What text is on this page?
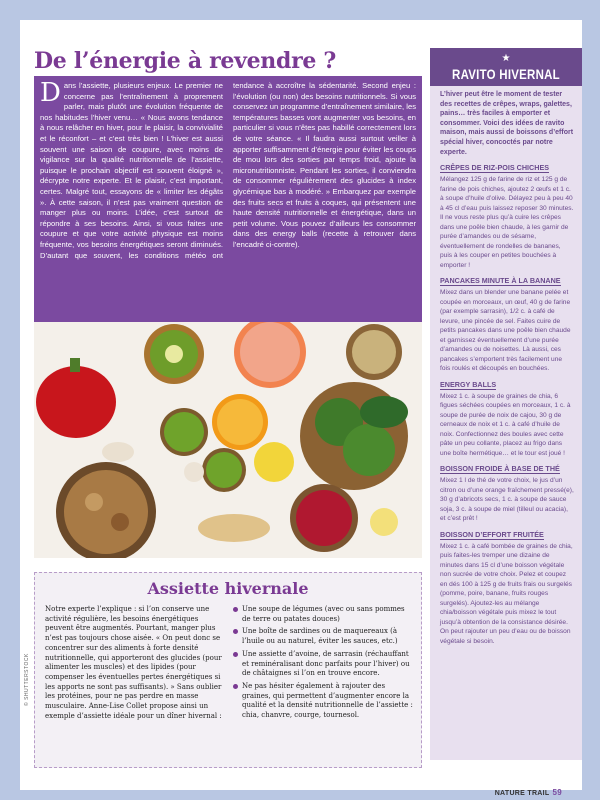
De l’énergie à revendre ?

Dans l’assiette, plusieurs enjeux. Le premier ne concerne pas l’entraînement à proprement parler, mais plutôt une évolution fréquente de nos habitudes l’hiver venu… « Nous avons tendance à nous relâcher en hiver, pour le plaisir, la convivialité et le réconfort – et c’est très bien ! L’hiver est aussi souvent une saison de coupure, avec moins de vigilance sur la qualité nutritionnelle de l’assiette, puisque le prochain objectif est souvent éloigné », décrypte notre experte. Et le plaisir, c’est important, certes. Malgré tout, essayons de « limiter les dégâts ». À cette saison, il n’est pas vraiment question de manger plus ou moins. L’idée, c’est surtout de répondre à ses besoins. Ainsi, si vous faites une coupure et que votre activité physique est moins fréquente, vos besoins énergétiques seront diminués. D’autant que souvent, les conditions météo ont tendance à accroître la sédentarité. Second enjeu : l’évolution (ou non) des besoins nutritionnels. Si vous conservez un programme d’entraînement similaire, les températures basses vont augmenter vos besoins, en particulier si vous n’êtes pas habillé correctement lors de votre séance. « Il faudra aussi surtout veiller à apporter suffisamment d’énergie pour éviter les coups de mou lors des sorties par temps froid, ajoute la micronutritionniste. Pendant les sorties, il conviendra de consommer régulièrement des glucides à index glycémique bas à modéré. » Embarquez par exemple des fruits secs et fruits à coques, qui présentent une haute densité nutritionnelle et énergétique, dans un petit volume. Vous pouvez d’ailleurs les consommer dans des energy balls (recette à retrouver dans l’encadré ci-contre).

Assiette hivernale

Notre experte l’explique : si l’on conserve une activité régulière, les besoins énergétiques peuvent être augmentés. Pourtant, manger plus n’est pas toujours chose aisée. « On peut donc se concentrer sur des aliments à forte densité nutritionnelle, qui apporteront des glucides (pour alimenter les muscles) et des lipides (pour compenser les éventuelles pertes énergétiques si les apports ne sont pas suffisants). » Sans oublier les protéines, pour ne pas perdre en masse musculaire. Anne-Lise Collet propose ainsi un exemple d’assiette idéale pour un dîner hivernal :

Une soupe de légumes (avec ou sans pommes de terre ou patates douces)
Une boîte de sardines ou de maquereaux (à l’huile ou au naturel, éviter les sauces, etc.)
Une assiette d’avoine, de sarrasin (réchauffant et reminéralisant donc parfaits pour l’hiver) ou de châtaignes si l’on en trouve encore.
Ne pas hésiter également à rajouter des graines, qui permettent d’augmenter encore la qualité et la densité nutritionnelle de l’assiette : chia, chanvre, courge, tournesol.
★
RAVITO HIVERNAL

L’hiver peut être le moment de tester des recettes de crêpes, wraps, galettes, pains… très faciles à emporter et consommer. Voici des idées de ravito maison, mais aussi de boissons d’effort spécial hiver, concoctés par notre experte.

CRÊPES DE RIZ-POIS CHICHES

Mélangez 125 g de farine de riz et 125 g de farine de pois chiches, ajoutez 2 œufs et 1 c. à soupe d’huile d’olive. Délayez peu à peu 40 à 45 cl d’eau puis laissez reposer 30 minutes. Il ne vous reste plus qu’à cuire les crêpes dans une poêle bien chaude, à les garnir de purée d’amandes ou de sésame, éventuellement de rondelles de bananes, puis à les couper en petites bouchées à emporter !

PANCAKES MINUTE À LA BANANE

Mixez dans un blender une banane pelée et coupée en morceaux, un œuf, 40 g de farine (par exemple sarrasin), 1/2 c. à café de levure, une pincée de sel. Faites cuire de petits pancakes dans une poêle bien chaude et garnissez éventuellement d’une purée d’amandes ou de noisettes. Là aussi, ces pancakes s’emportent très facilement une fois roulés et découpés en bouchées.

ENERGY BALLS

Mixez 1 c. à soupe de graines de chia, 6 figues séchées coupées en morceaux, 1 c. à soupe de purée de noix de cajou, 30 g de cerneaux de noix et 1 c. à café d’huile de noix. Confectionnez des boules avec cette pâte un peu collante, placez au frigo dans une boîte hermétique… et le tour est joué !

BOISSON FROIDE À BASE DE THÉ

Mixez 1 l de thé de votre choix, le jus d’un citron ou d’une orange fraîchement pressé(e), 30 g d’abricots secs, 1 c. à soupe de sauce soja, 3 c. à soupe de miel (tilleul ou acacia), et c’est prêt !

BOISSON D’EFFORT FRUITÉE

Mixez 1 c. à café bombée de graines de chia, puis faites-les tremper une dizaine de minutes dans 15 cl d’une boisson végétale non sucrée de votre choix. Pelez et coupez en dés 100 à 125 g de fruits frais ou surgelés (pomme, poire, banane, fruits rouges surgelés). Ajoutez-les au mélange chia/boisson végétale puis mixez le tout jusqu’à obtention de la consistance désirée. On peut rajouter un peu d’eau ou de boisson végétale si besoin.

© SHUTTERSTOCK
NATURE TRAIL 59
